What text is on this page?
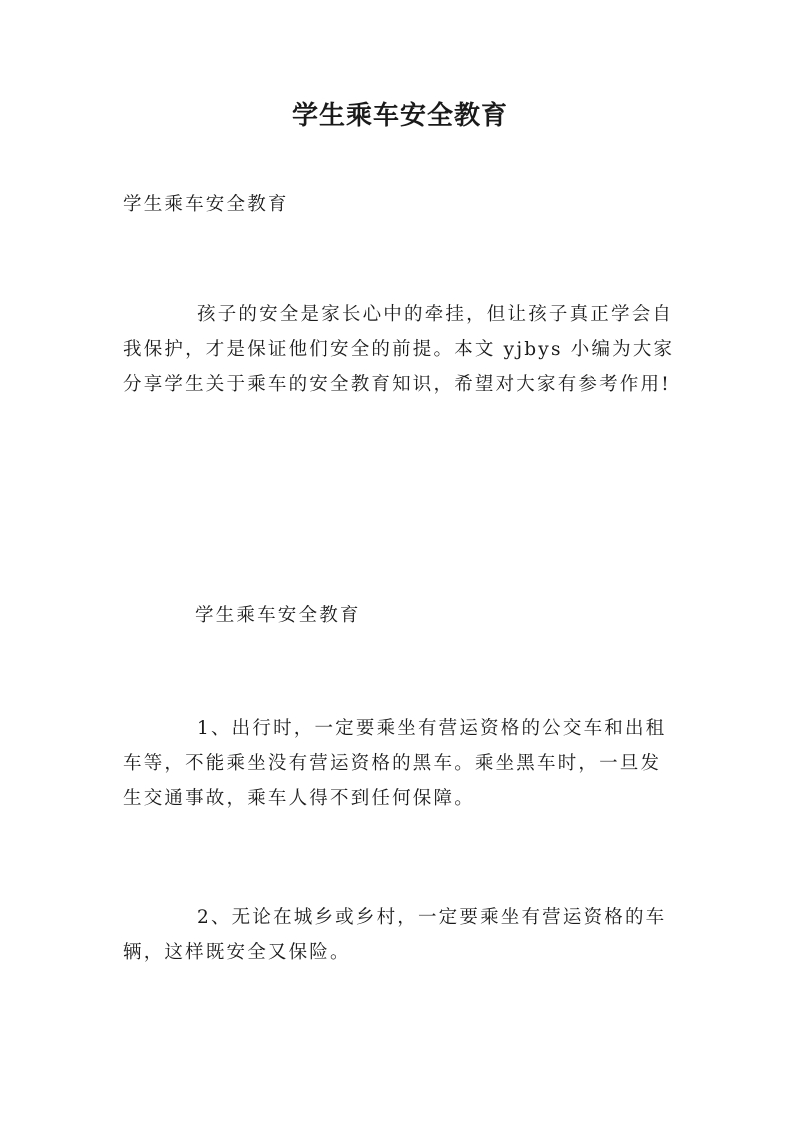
学生乘车安全教育
学生乘车安全教育
孩子的安全是家长心中的牵挂，但让孩子真正学会自我保护，才是保证他们安全的前提。本文 yjbys 小编为大家分享学生关于乘车的安全教育知识，希望对大家有参考作用!
学生乘车安全教育
1、出行时，一定要乘坐有营运资格的公交车和出租车等，不能乘坐没有营运资格的黑车。乘坐黑车时，一旦发生交通事故，乘车人得不到任何保障。
2、无论在城乡或乡村，一定要乘坐有营运资格的车辆，这样既安全又保险。
